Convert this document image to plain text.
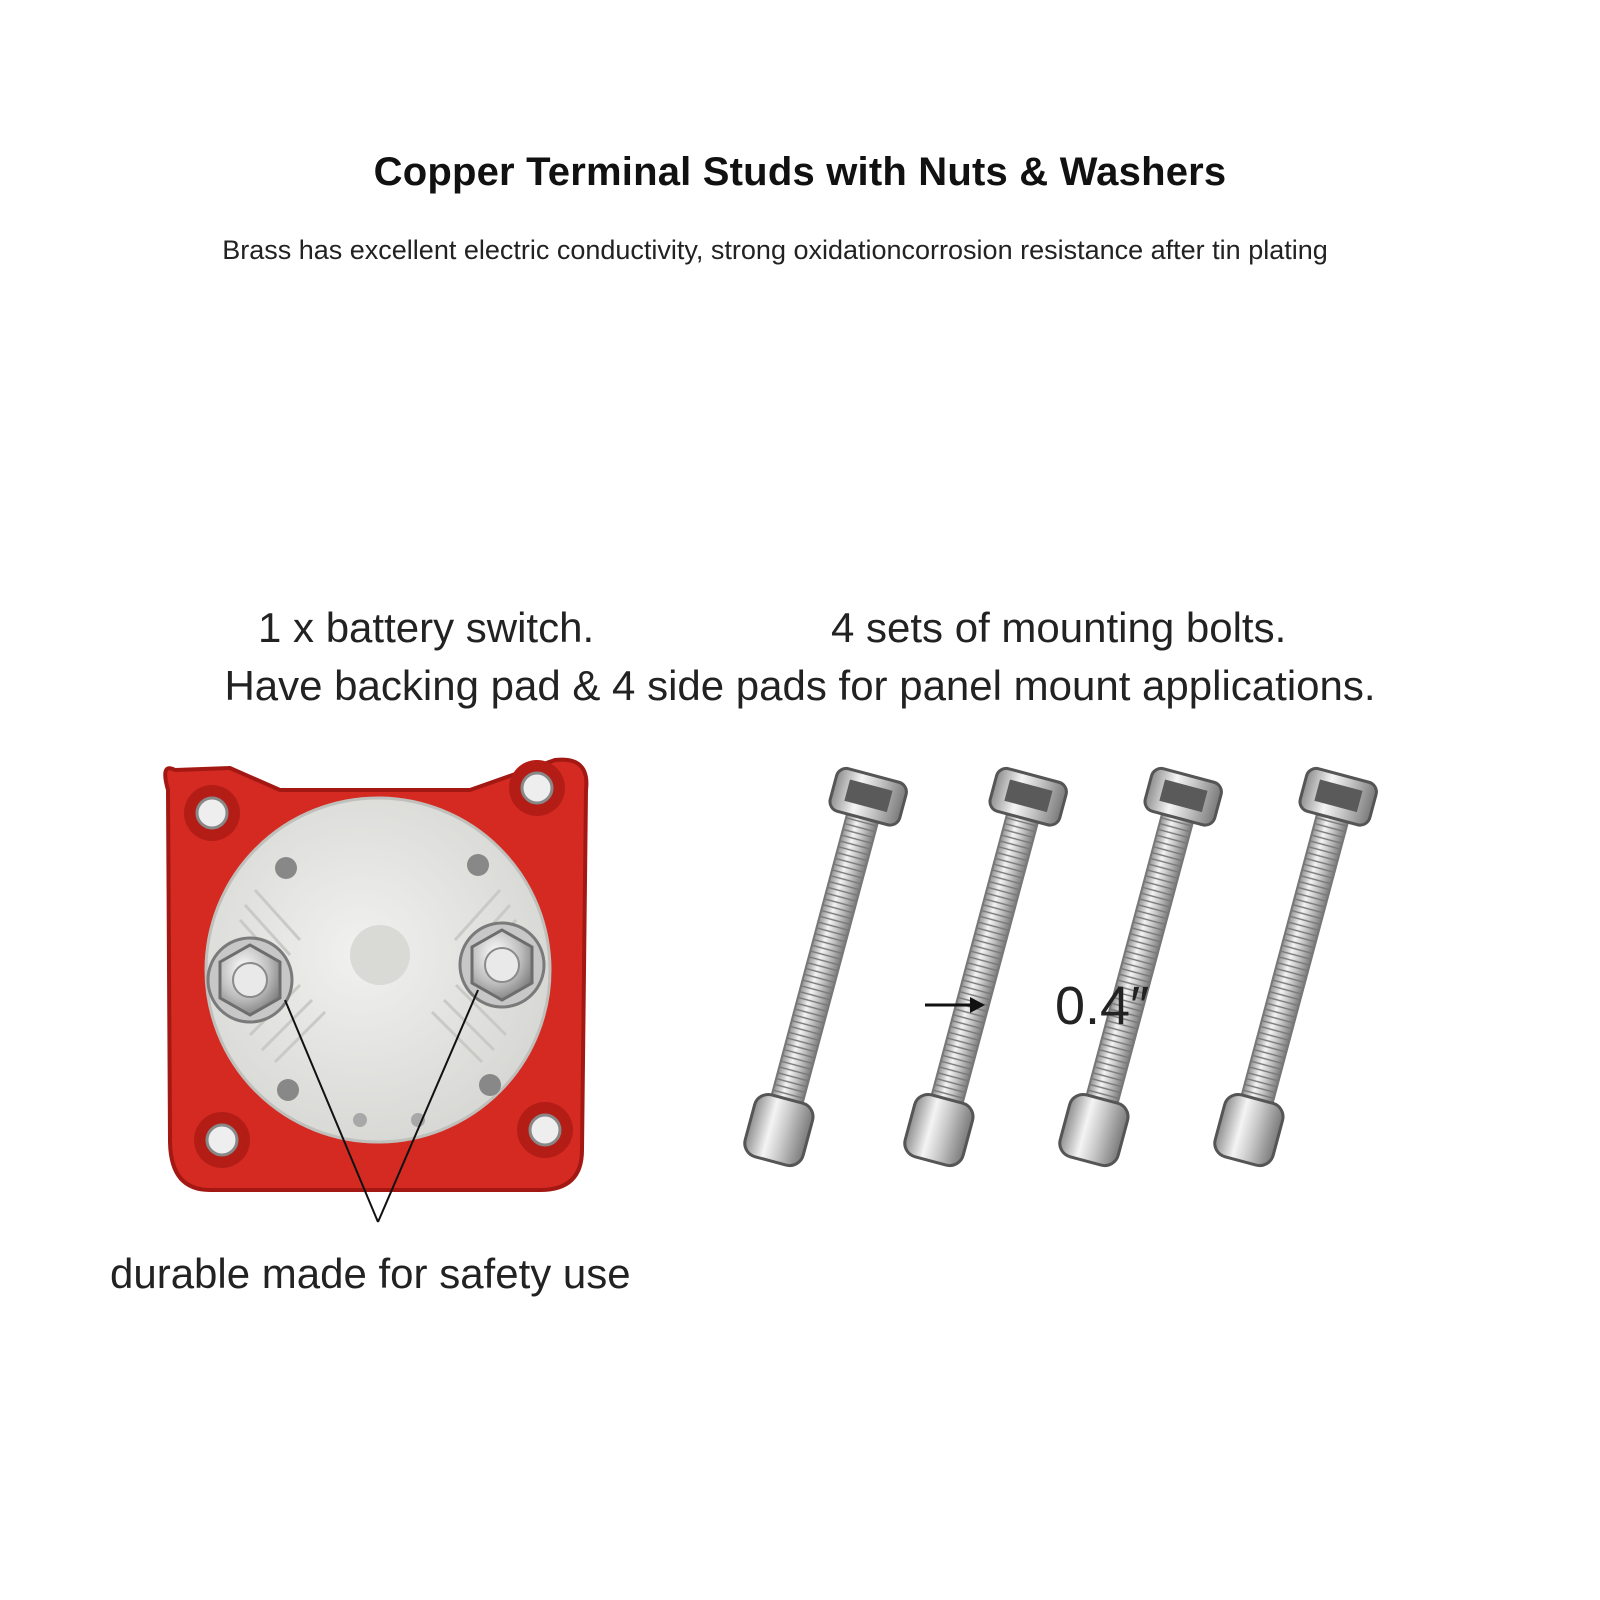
Copper Terminal Studs with Nuts & Washers
Brass has excellent electric conductivity, strong oxidationcorrosion resistance after tin plating
1 x battery switch.	4 sets of mounting bolts.
Have backing pad & 4 side pads for panel mount applications.
0.4″
durable made for safety use
